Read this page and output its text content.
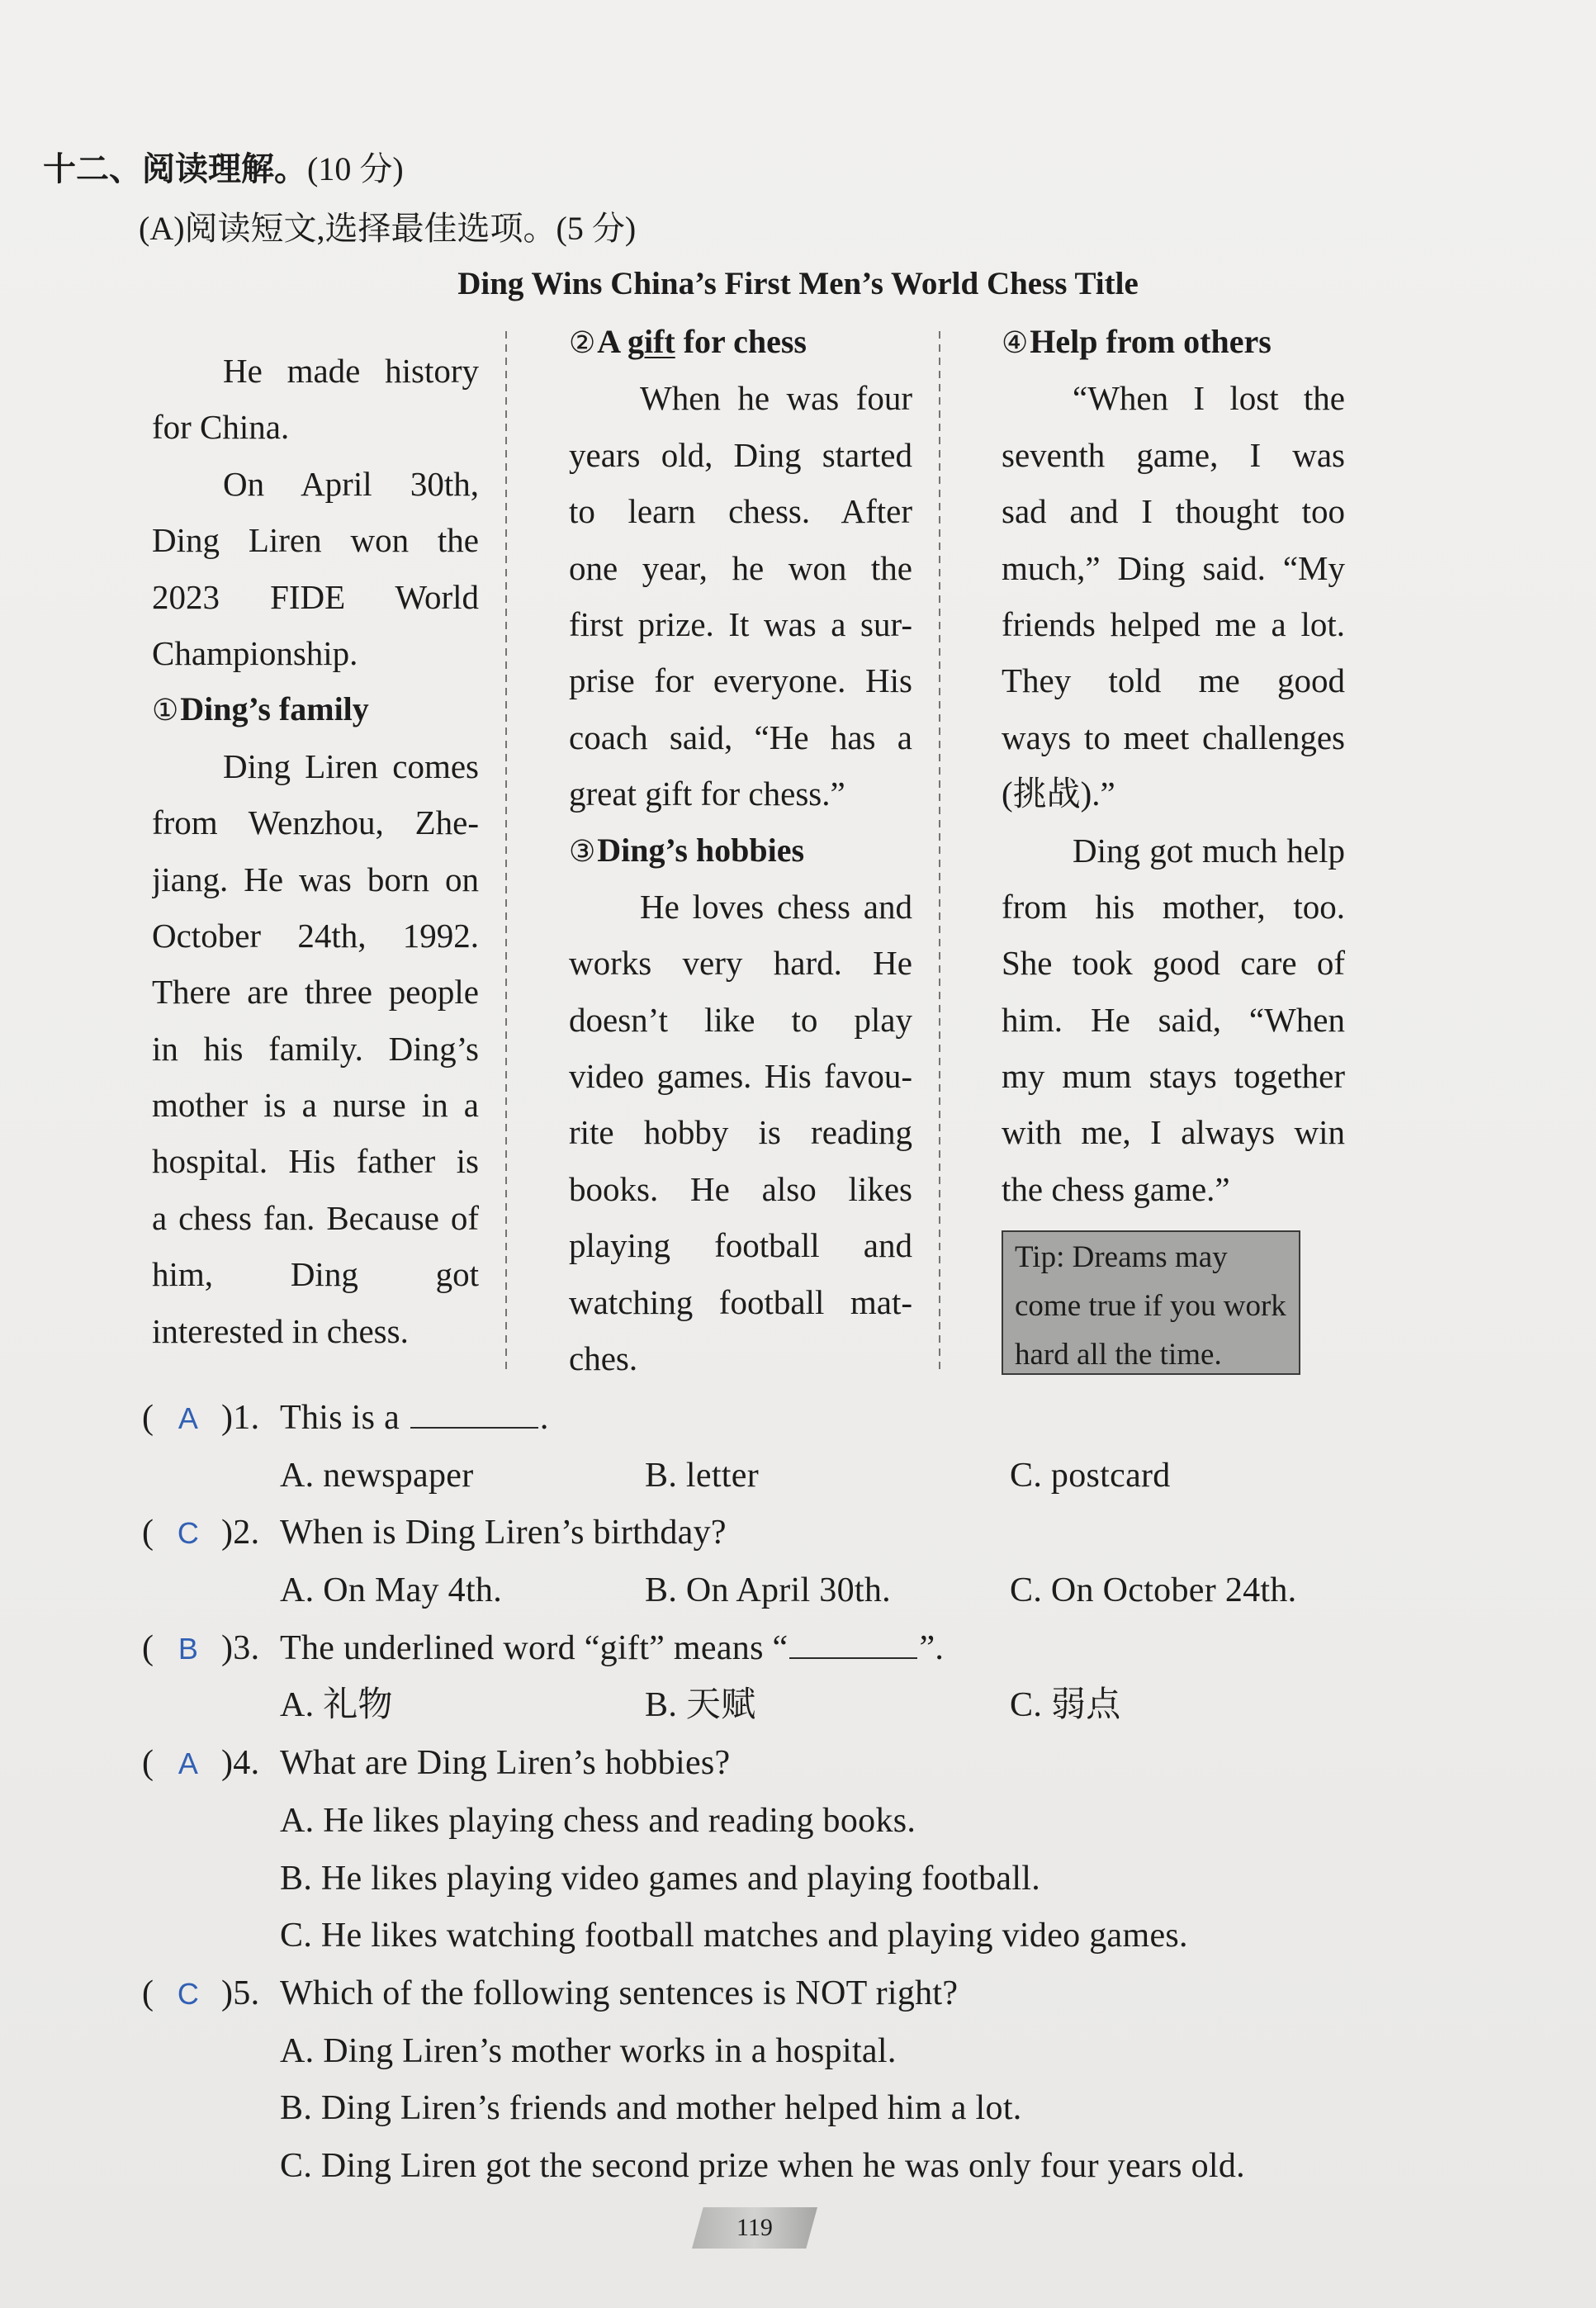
十二、阅读理解。(10 分)
(A)阅读短文,选择最佳选项。(5 分)
Ding Wins China’s First Men’s World Chess Title
He made history
for China.
On April 30th,
Ding Liren won the
2023 FIDE World
Championship.
①Ding’s family
Ding Liren comes
from Wenzhou, Zhe-
jiang. He was born on
October 24th, 1992.
There are three people
in his family. Ding’s
mother is a nurse in a
hospital. His father is
a chess fan. Because of
him, Ding got
interested in chess.
②A gift for chess
When he was four
years old, Ding started
to learn chess. After
one year, he won the
first prize. It was a sur-
prise for everyone. His
coach said, “He has a
great gift for chess.”
③Ding’s hobbies
He loves chess and
works very hard. He
doesn’t like to play
video games. His favou-
rite hobby is reading
books. He also likes
playing football and
watching football mat-
ches.
④Help from others
“When I lost the
seventh game, I was
sad and I thought too
much,” Ding said. “My
friends helped me a lot.
They told me good
ways to meet challenges
(挑战).”
Ding got much help
from his mother, too.
She took good care of
him. He said, “When
my mum stays together
with me, I always win
the chess game.”
Tip: Dreams may
come true if you work
hard all the time.
( A )1. This is a	.
A. newspaper	B. letter	C. postcard
( C )2. When is Ding Liren’s birthday?
A. On May 4th.	B. On April 30th.	C. On October 24th.
( B )3. The underlined word “gift” means “	”.
A. 礼物	B. 天赋	C. 弱点
( A )4. What are Ding Liren’s hobbies?
A. He likes playing chess and reading books.
B. He likes playing video games and playing football.
C. He likes watching football matches and playing video games.
( C )5. Which of the following sentences is NOT right?
A. Ding Liren’s mother works in a hospital.
B. Ding Liren’s friends and mother helped him a lot.
C. Ding Liren got the second prize when he was only four years old.
119
